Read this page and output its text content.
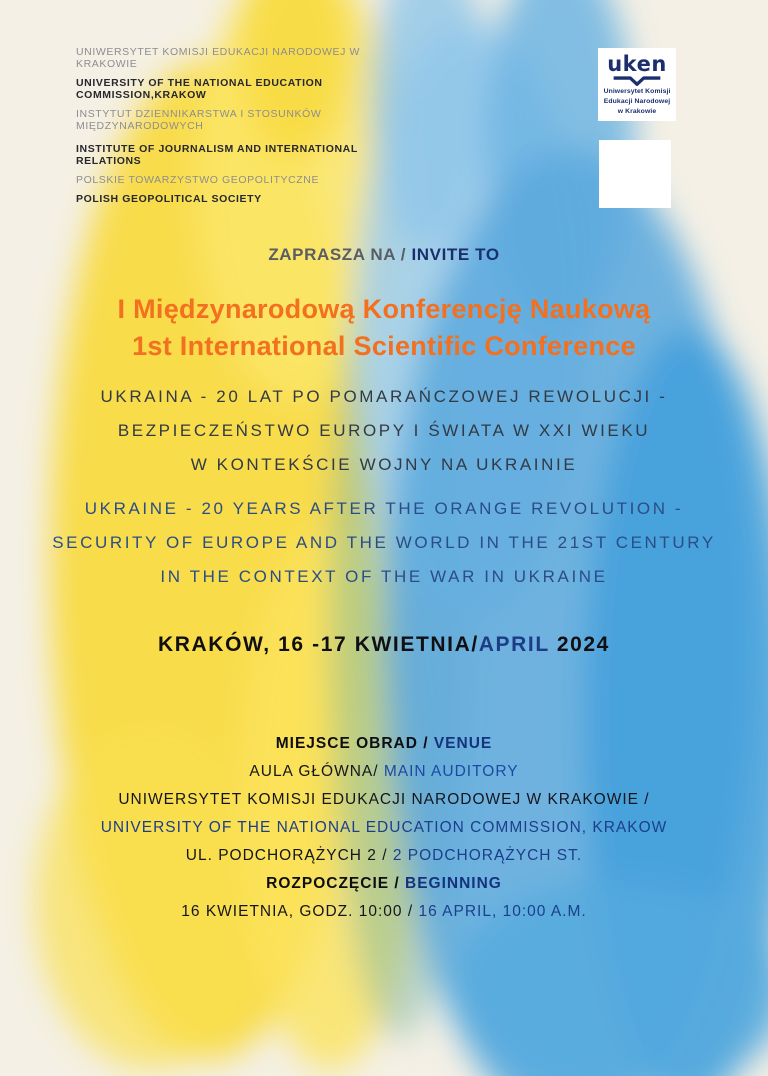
UNIWERSYTET KOMISJI EDUKACJI NARODOWEJ W KRAKOWIE

UNIVERSITY OF THE NATIONAL EDUCATION COMMISSION,KRAKOW

INSTYTUT DZIENNIKARSTWA I STOSUNKÓW MIĘDZYNARODOWYCH

INSTITUTE OF JOURNALISM AND INTERNATIONAL RELATIONS

POLSKIE TOWARZYSTWO GEOPOLITYCZNE

POLISH GEOPOLITICAL SOCIETY

uken
Uniwersytet Komisji
Edukacji Narodowej
w Krakowie
ZAPRASZA NA / INVITE TO
I Międzynarodową Konferencję Naukową
1st International Scientific Conference
UKRAINA - 20 LAT PO POMARAŃCZOWEJ REWOLUCJI -
BEZPIECZEŃSTWO EUROPY I ŚWIATA W XXI WIEKU
W KONTEKŚCIE WOJNY NA UKRAINIE
UKRAINE - 20 YEARS AFTER THE ORANGE REVOLUTION -
SECURITY OF EUROPE AND THE WORLD IN THE 21ST CENTURY
IN THE CONTEXT OF THE WAR IN UKRAINE
KRAKÓW, 16 -17 KWIETNIA/APRIL 2024
MIEJSCE OBRAD / VENUE
AULA GŁÓWNA/ MAIN AUDITORY
UNIWERSYTET KOMISJI EDUKACJI NARODOWEJ W KRAKOWIE /
UNIVERSITY OF THE NATIONAL EDUCATION COMMISSION, KRAKOW
UL. PODCHORĄŻYCH 2 / 2 PODCHORĄŻYCH ST.
ROZPOCZĘCIE / BEGINNING
16 KWIETNIA, GODZ. 10:00 / 16 APRIL, 10:00 A.M.
